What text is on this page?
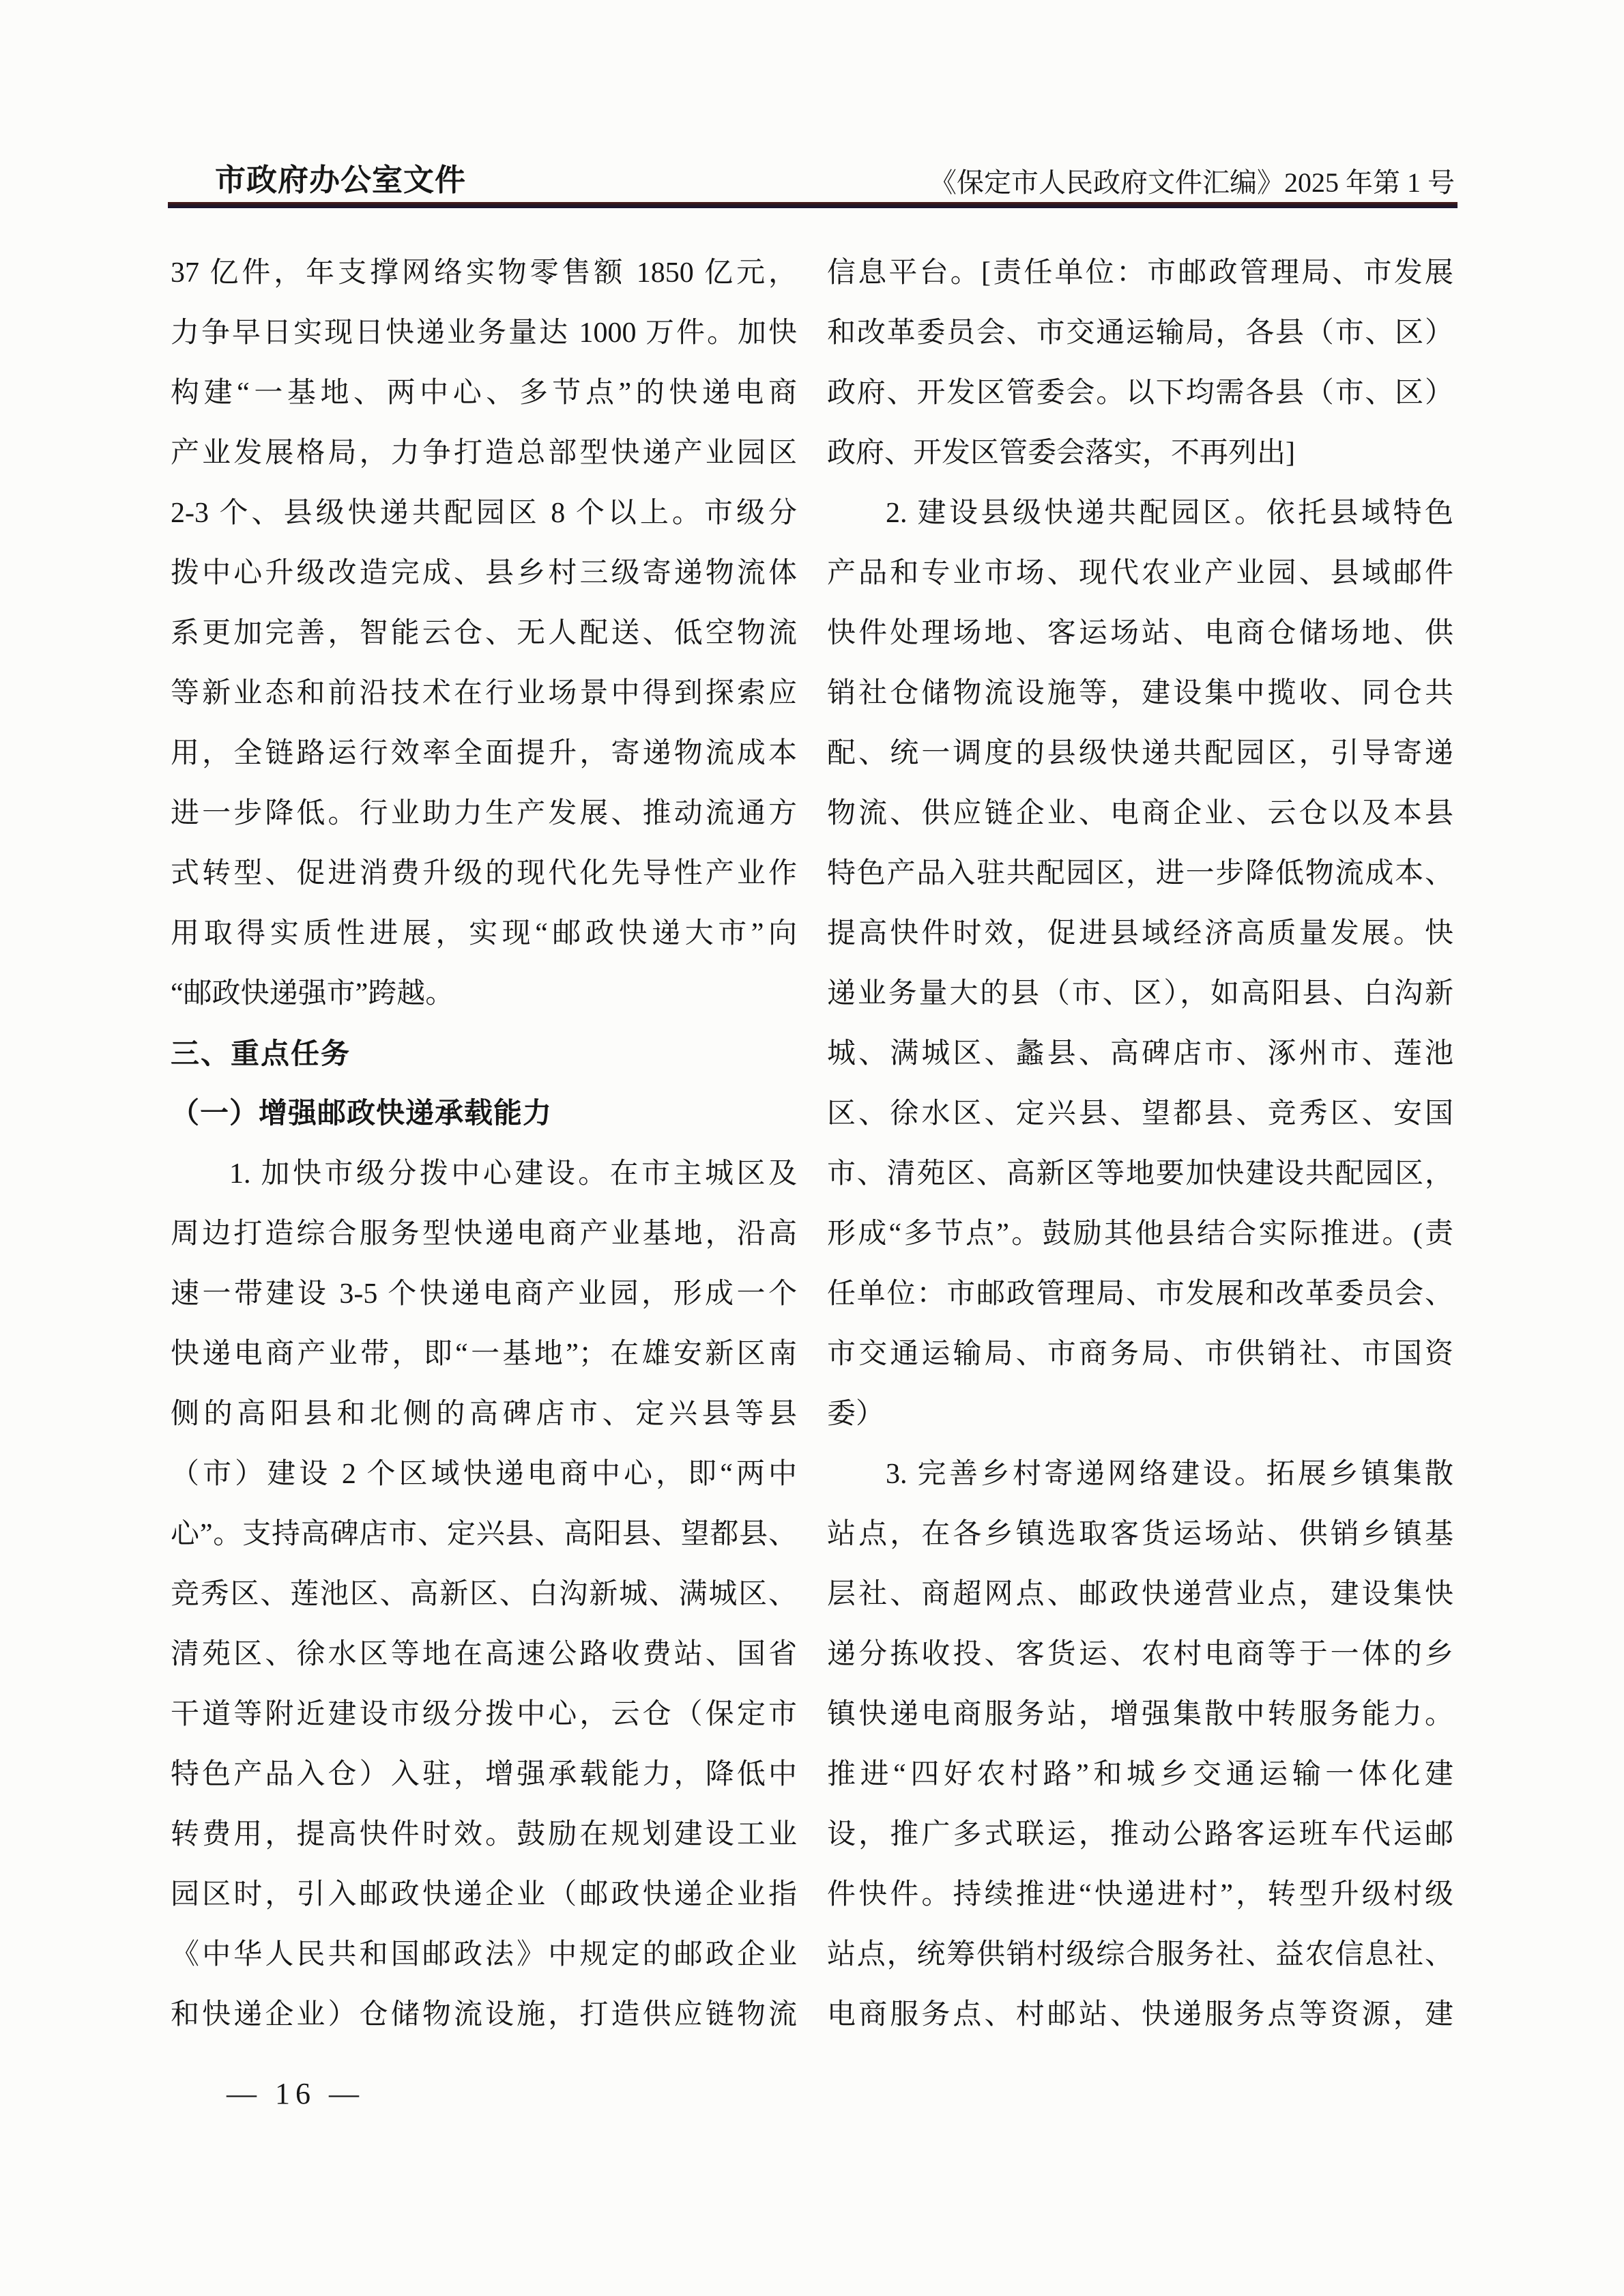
市政府办公室文件	《保定市人民政府文件汇编》2025 年第 1 号
37 亿件，年支撑网络实物零售额 1850 亿元，
力争早日实现日快递业务量达 1000 万件。加快
构建“一基地、两中心、多节点”的快递电商
产业发展格局，力争打造总部型快递产业园区
2-3 个、县级快递共配园区 8 个以上。市级分
拨中心升级改造完成、县乡村三级寄递物流体
系更加完善，智能云仓、无人配送、低空物流
等新业态和前沿技术在行业场景中得到探索应
用，全链路运行效率全面提升，寄递物流成本
进一步降低。行业助力生产发展、推动流通方
式转型、促进消费升级的现代化先导性产业作
用取得实质性进展，实现“邮政快递大市”向
“邮政快递强市”跨越。
三、重点任务
（一）增强邮政快递承载能力
1. 加快市级分拨中心建设。在市主城区及
周边打造综合服务型快递电商产业基地，沿高
速一带建设 3-5 个快递电商产业园，形成一个
快递电商产业带，即“一基地”；在雄安新区南
侧的高阳县和北侧的高碑店市、定兴县等县
（市）建设 2 个区域快递电商中心，即“两中
心”。支持高碑店市、定兴县、高阳县、望都县、
竞秀区、莲池区、高新区、白沟新城、满城区、
清苑区、徐水区等地在高速公路收费站、国省
干道等附近建设市级分拨中心，云仓（保定市
特色产品入仓）入驻，增强承载能力，降低中
转费用，提高快件时效。鼓励在规划建设工业
园区时，引入邮政快递企业（邮政快递企业指
《中华人民共和国邮政法》中规定的邮政企业
和快递企业）仓储物流设施，打造供应链物流
信息平台。[责任单位：市邮政管理局、市发展
和改革委员会、市交通运输局，各县（市、区）
政府、开发区管委会。以下均需各县（市、区）
政府、开发区管委会落实，不再列出]
2. 建设县级快递共配园区。依托县域特色
产品和专业市场、现代农业产业园、县域邮件
快件处理场地、客运场站、电商仓储场地、供
销社仓储物流设施等，建设集中揽收、同仓共
配、统一调度的县级快递共配园区，引导寄递
物流、供应链企业、电商企业、云仓以及本县
特色产品入驻共配园区，进一步降低物流成本、
提高快件时效，促进县域经济高质量发展。快
递业务量大的县（市、区），如高阳县、白沟新
城、满城区、蠡县、高碑店市、涿州市、莲池
区、徐水区、定兴县、望都县、竞秀区、安国
市、清苑区、高新区等地要加快建设共配园区，
形成“多节点”。鼓励其他县结合实际推进。(责
任单位：市邮政管理局、市发展和改革委员会、
市交通运输局、市商务局、市供销社、市国资
委）
3. 完善乡村寄递网络建设。拓展乡镇集散
站点，在各乡镇选取客货运场站、供销乡镇基
层社、商超网点、邮政快递营业点，建设集快
递分拣收投、客货运、农村电商等于一体的乡
镇快递电商服务站，增强集散中转服务能力。
推进“四好农村路”和城乡交通运输一体化建
设，推广多式联运，推动公路客运班车代运邮
件快件。持续推进“快递进村”，转型升级村级
站点，统筹供销村级综合服务社、益农信息社、
电商服务点、村邮站、快递服务点等资源，建
— 16 —
